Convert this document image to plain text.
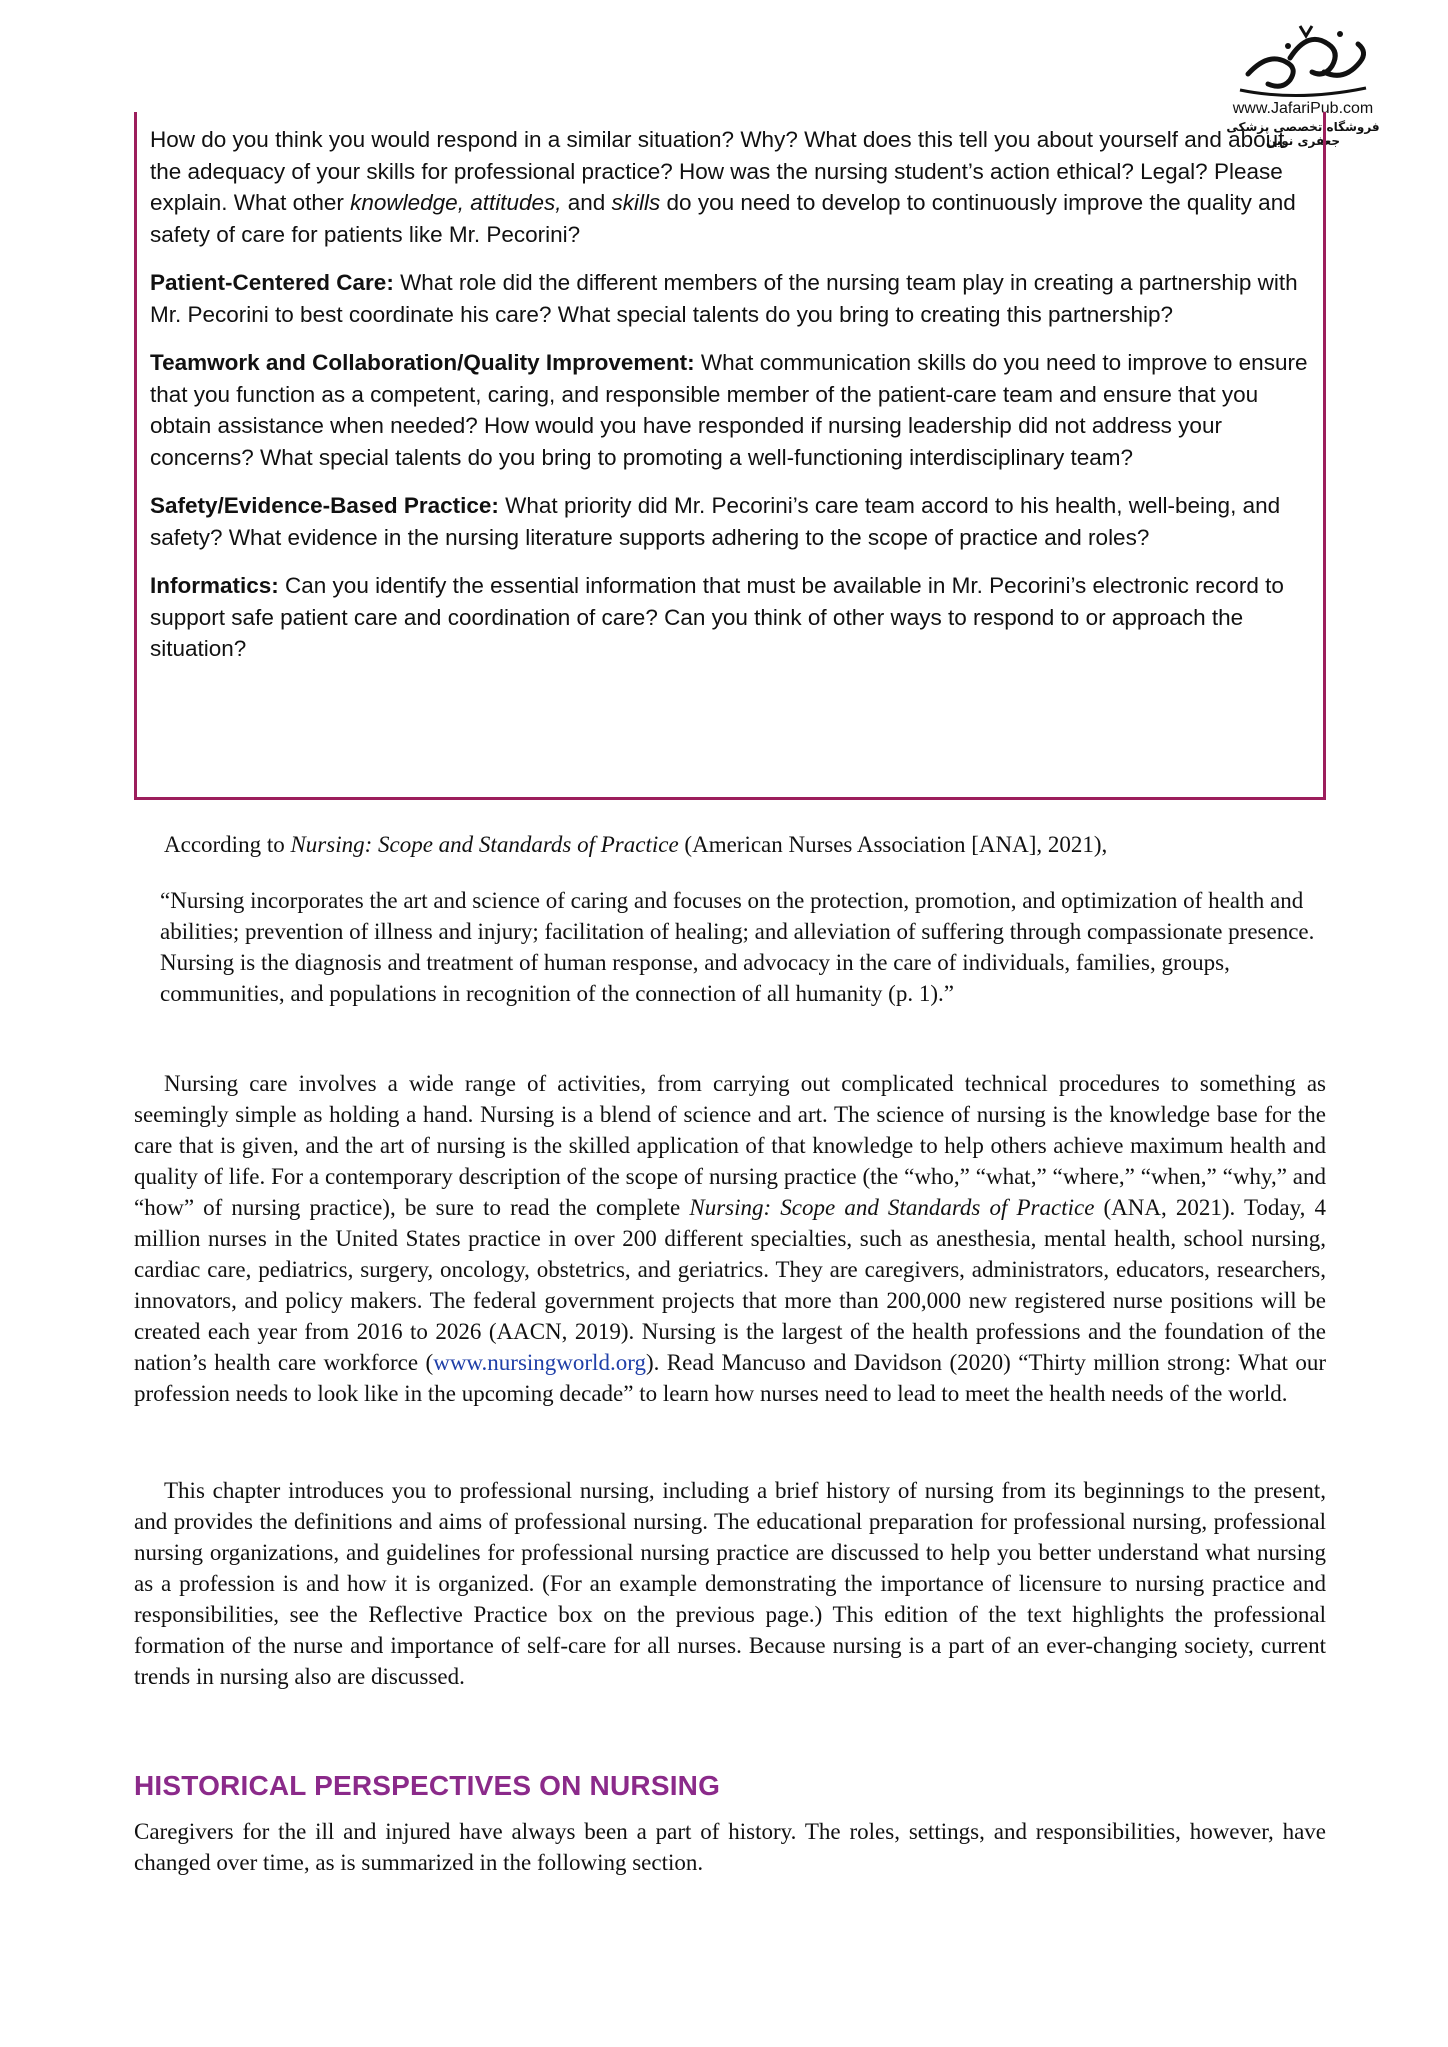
www.JafariPub.com
فروشگاه تخصصی پزشکی جعفری نوین

How do you think you would respond in a similar situation? Why? What does this tell you about yourself and about the adequacy of your skills for professional practice? How was the nursing student’s action ethical? Legal? Please explain. What other knowledge, attitudes, and skills do you need to develop to continuously improve the quality and safety of care for patients like Mr. Pecorini?

Patient-Centered Care: What role did the different members of the nursing team play in creating a partnership with Mr. Pecorini to best coordinate his care? What special talents do you bring to creating this partnership?

Teamwork and Collaboration/Quality Improvement: What communication skills do you need to improve to ensure that you function as a competent, caring, and responsible member of the patient-care team and ensure that you obtain assistance when needed? How would you have responded if nursing leadership did not address your concerns? What special talents do you bring to promoting a well-functioning interdisciplinary team?

Safety/Evidence-Based Practice: What priority did Mr. Pecorini’s care team accord to his health, well-being, and safety? What evidence in the nursing literature supports adhering to the scope of practice and roles?

Informatics: Can you identify the essential information that must be available in Mr. Pecorini’s electronic record to support safe patient care and coordination of care? Can you think of other ways to respond to or approach the situation?

According to Nursing: Scope and Standards of Practice (American Nurses Association [ANA], 2021),

“Nursing incorporates the art and science of caring and focuses on the protection, promotion, and optimization of health and abilities; prevention of illness and injury; facilitation of healing; and alleviation of suffering through compassionate presence. Nursing is the diagnosis and treatment of human response, and advocacy in the care of individuals, families, groups, communities, and populations in recognition of the connection of all humanity (p. 1).”

Nursing care involves a wide range of activities, from carrying out complicated technical procedures to something as seemingly simple as holding a hand. Nursing is a blend of science and art. The science of nursing is the knowledge base for the care that is given, and the art of nursing is the skilled application of that knowledge to help others achieve maximum health and quality of life. For a contemporary description of the scope of nursing practice (the “who,” “what,” “where,” “when,” “why,” and “how” of nursing practice), be sure to read the complete Nursing: Scope and Standards of Practice (ANA, 2021). Today, 4 million nurses in the United States practice in over 200 different specialties, such as anesthesia, mental health, school nursing, cardiac care, pediatrics, surgery, oncology, obstetrics, and geriatrics. They are caregivers, administrators, educators, researchers, innovators, and policy makers. The federal government projects that more than 200,000 new registered nurse positions will be created each year from 2016 to 2026 (AACN, 2019). Nursing is the largest of the health professions and the foundation of the nation’s health care workforce (www.nursingworld.org). Read Mancuso and Davidson (2020) “Thirty million strong: What our profession needs to look like in the upcoming decade” to learn how nurses need to lead to meet the health needs of the world.

This chapter introduces you to professional nursing, including a brief history of nursing from its beginnings to the present, and provides the definitions and aims of professional nursing. The educational preparation for professional nursing, professional nursing organizations, and guidelines for professional nursing practice are discussed to help you better understand what nursing as a profession is and how it is organized. (For an example demonstrating the importance of licensure to nursing practice and responsibilities, see the Reflective Practice box on the previous page.) This edition of the text highlights the professional formation of the nurse and importance of self-care for all nurses. Because nursing is a part of an ever-changing society, current trends in nursing also are discussed.

HISTORICAL PERSPECTIVES ON NURSING

Caregivers for the ill and injured have always been a part of history. The roles, settings, and responsibilities, however, have changed over time, as is summarized in the following section.
